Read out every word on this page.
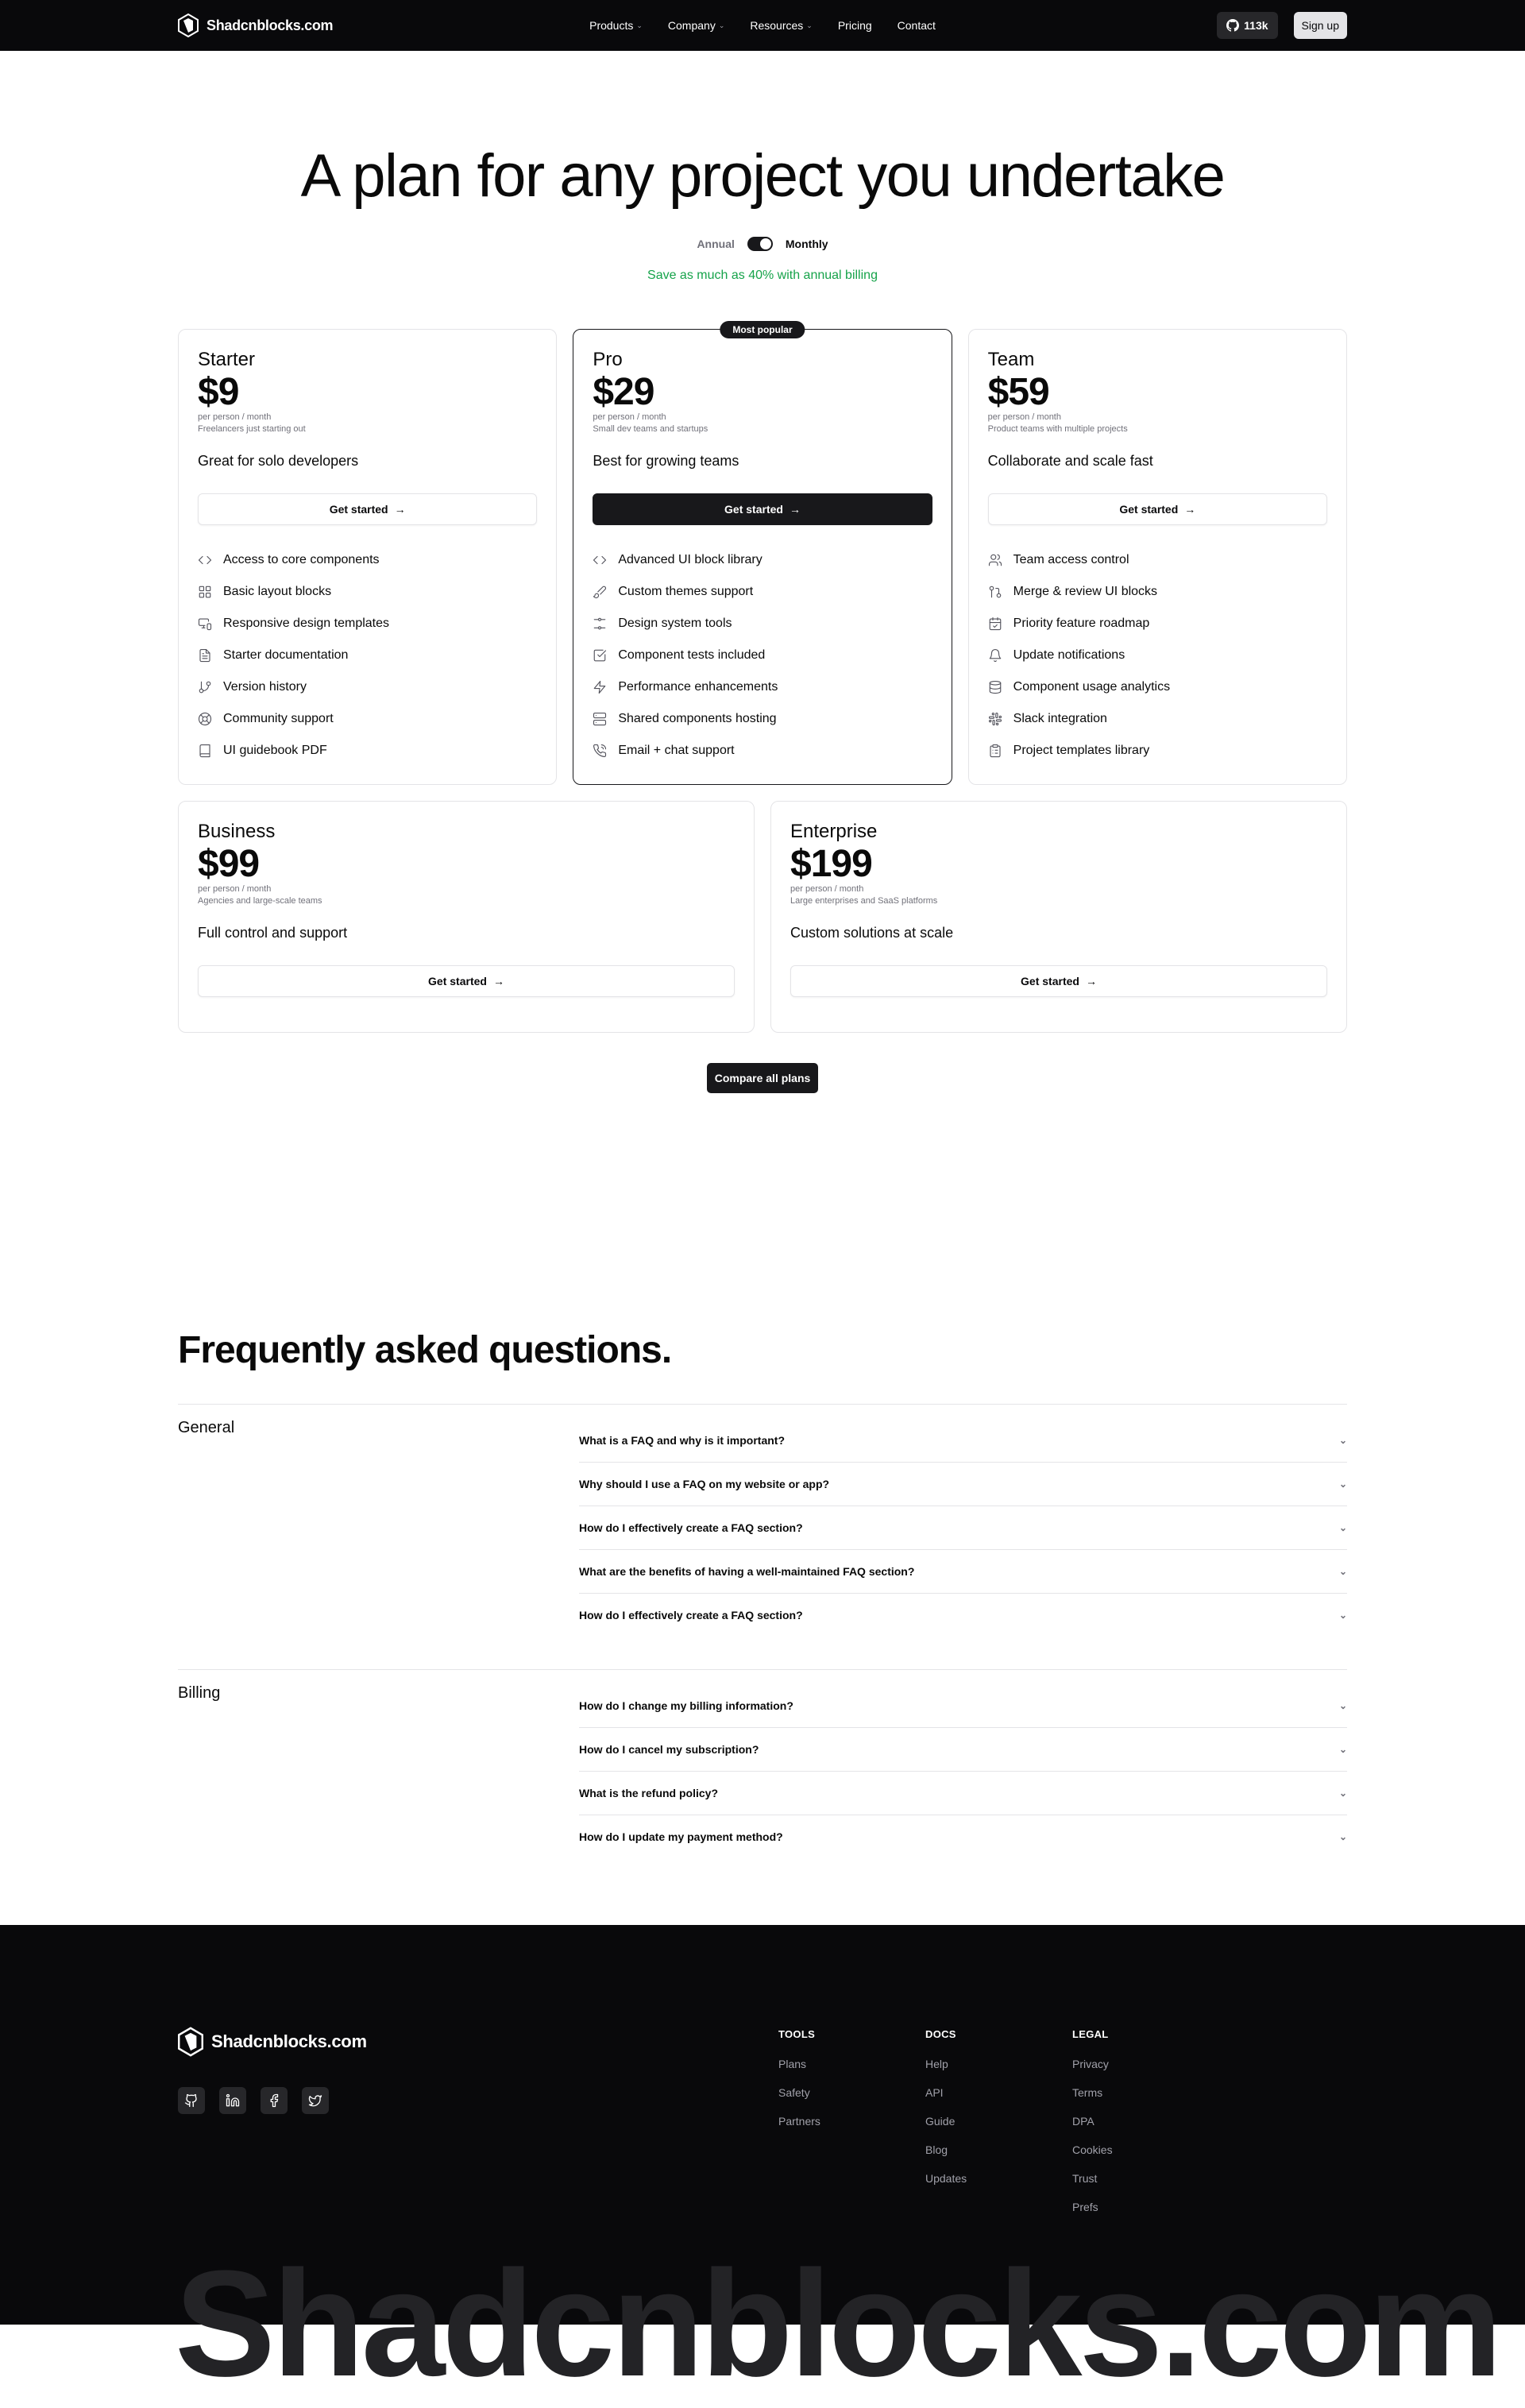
Shadcnblocks.com	Products ⌄ Company ⌄ Resources ⌄ Pricing Contact	113k	Sign up
A plan for any project you undertake
Annual	Monthly

Save as much as 40% with annual billing

Starter
$9
per person / month
Freelancers just starting out
Great for solo developers
Get started →
Access to core components
Basic layout blocks
Responsive design templates
Starter documentation
Version history
Community support
UI guidebook PDF
Most popular
Pro
$29
per person / month
Small dev teams and startups
Best for growing teams
Get started →
Advanced UI block library
Custom themes support
Design system tools
Component tests included
Performance enhancements
Shared components hosting
Email + chat support
Team
$59
per person / month
Product teams with multiple projects
Collaborate and scale fast
Get started →
Team access control
Merge & review UI blocks
Priority feature roadmap
Update notifications
Component usage analytics
Slack integration
Project templates library
Business
$99
per person / month
Agencies and large-scale teams
Full control and support
Get started →
Enterprise
$199
per person / month
Large enterprises and SaaS platforms
Custom solutions at scale
Get started →
Compare all plans
Frequently asked questions.
General
What is a FAQ and why is it important?	⌄
Why should I use a FAQ on my website or app?	⌄
How do I effectively create a FAQ section?	⌄
What are the benefits of having a well-maintained FAQ section?	⌄
How do I effectively create a FAQ section?	⌄
Billing
How do I change my billing information?	⌄
How do I cancel my subscription?	⌄
What is the refund policy?	⌄
How do I update my payment method?	⌄
Shadcnblocks.com	TOOLS
Plans
Safety
Partners
DOCS
Help
API
Guide
Blog
Updates
LEGAL
Privacy
Terms
DPA
Cookies
Trust
Prefs
Shadcnblocks.com
